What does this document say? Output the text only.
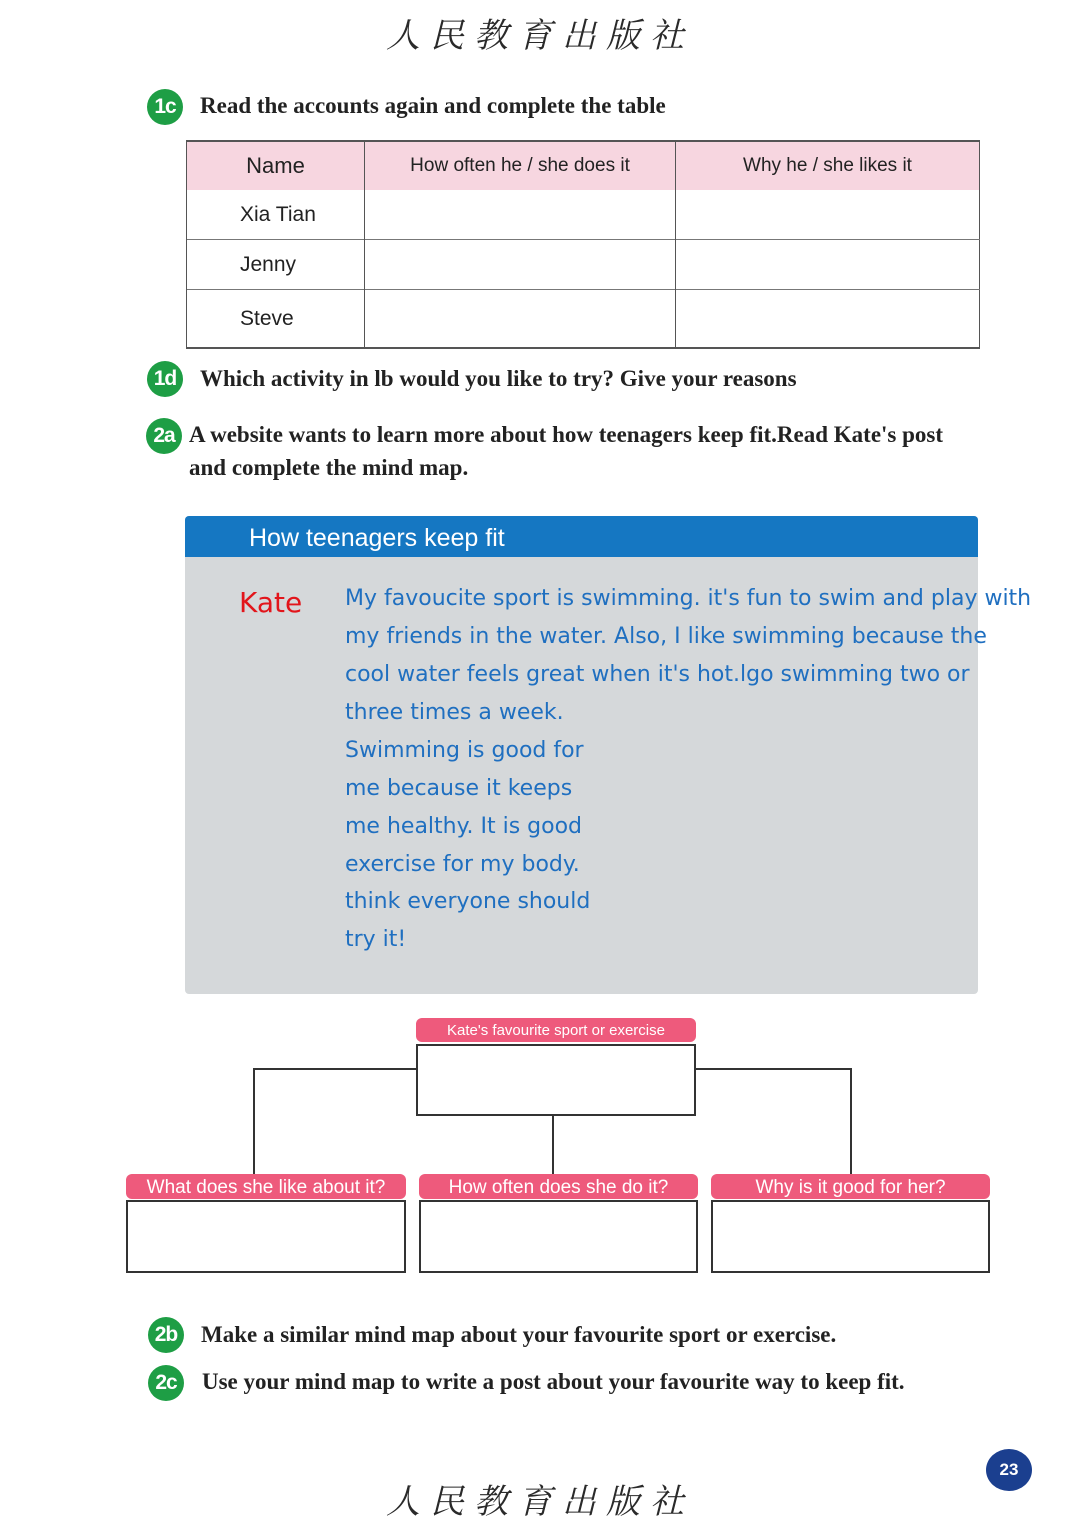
人民教育出版社
1c	Read the accounts again and complete the table
Name	How often he / she does it	Why he / she likes it
Xia Tian		
Jenny		
Steve		
1d Which activity in lb would you like to try? Give your reasons
2a A website wants to learn more about how teenagers keep fit.Read Kate's post
and complete the mind map.
How teenagers keep fit
Kate My favoucite sport is swimming. it's fun to swim and play with
my friends in the water. Also, I like swimming because the
cool water feels great when it's hot.lgo swimming two or
three times a week.
Swimming is good for
me because it keeps
me healthy. It is good
exercise for my body.
think everyone should
try it!
Kate's favourite sport or exercise
What does she like about it?	How often does she do it?	Why is it good for her?
2b Make a similar mind map about your favourite sport or exercise.
2c	Use your mind map to write a post about your favourite way to keep fit.
23
人民教育出版社
